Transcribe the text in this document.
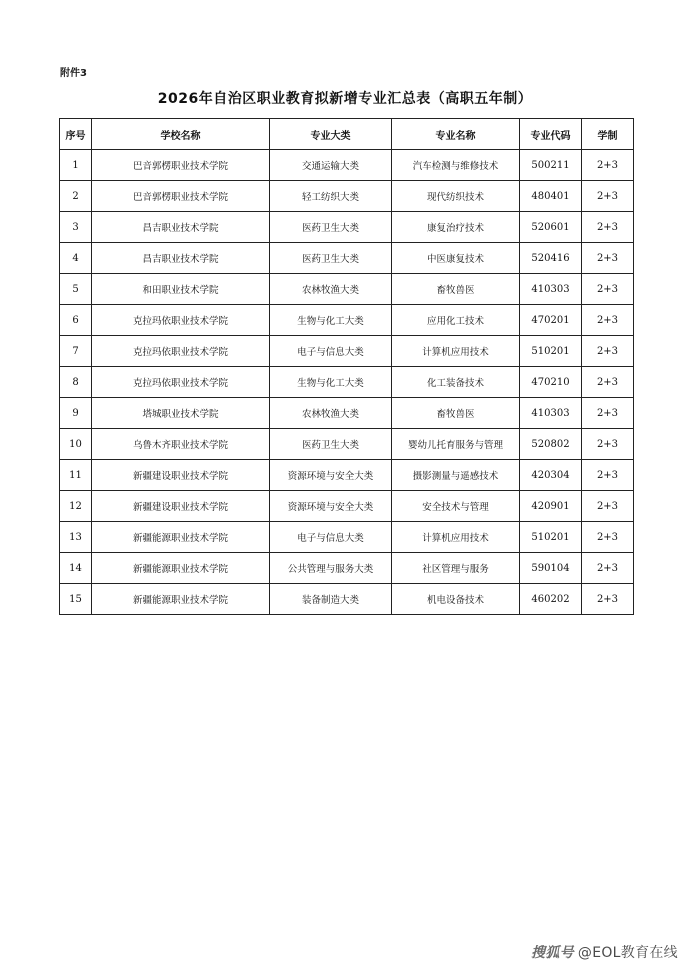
附件3
2026年自治区职业教育拟新增专业汇总表（高职五年制）
序号	学校名称	专业大类	专业名称	专业代码	学制
1	巴音郭楞职业技术学院	交通运输大类	汽车检测与维修技术	500211	2+3
2	巴音郭楞职业技术学院	轻工纺织大类	现代纺织技术	480401	2+3
3	昌吉职业技术学院	医药卫生大类	康复治疗技术	520601	2+3
4	昌吉职业技术学院	医药卫生大类	中医康复技术	520416	2+3
5	和田职业技术学院	农林牧渔大类	畜牧兽医	410303	2+3
6	克拉玛依职业技术学院	生物与化工大类	应用化工技术	470201	2+3
7	克拉玛依职业技术学院	电子与信息大类	计算机应用技术	510201	2+3
8	克拉玛依职业技术学院	生物与化工大类	化工装备技术	470210	2+3
9	塔城职业技术学院	农林牧渔大类	畜牧兽医	410303	2+3
10	乌鲁木齐职业技术学院	医药卫生大类	婴幼儿托育服务与管理	520802	2+3
11	新疆建设职业技术学院	资源环境与安全大类	摄影测量与遥感技术	420304	2+3
12	新疆建设职业技术学院	资源环境与安全大类	安全技术与管理	420901	2+3
13	新疆能源职业技术学院	电子与信息大类	计算机应用技术	510201	2+3
14	新疆能源职业技术学院	公共管理与服务大类	社区管理与服务	590104	2+3
15	新疆能源职业技术学院	装备制造大类	机电设备技术	460202	2+3
搜狐号 @EOL教育在线
